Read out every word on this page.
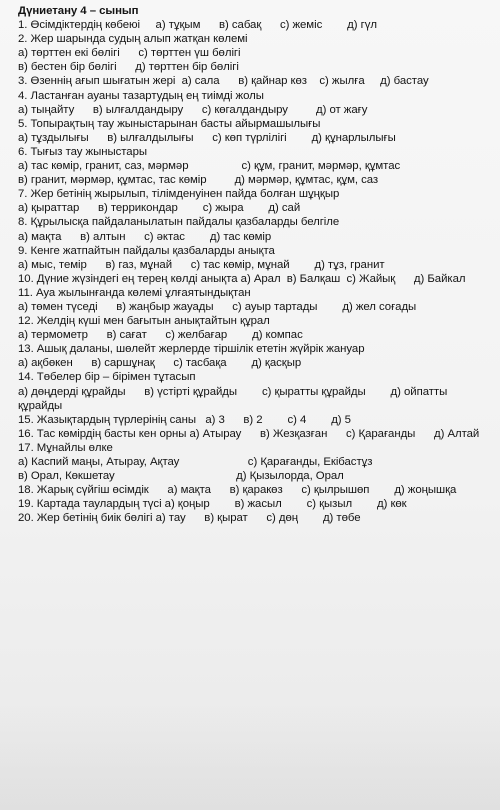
Дүниетану 4 – сынып
1. Өсімдіктердің көбеюі     а) тұқым      в) сабақ      с) жеміс        д) гүл
2. Жер шарында судың алып жатқан көлемі
а) төрттен екі бөлігі      с) төрттен үш бөлігі
в) бестен бір бөлігі      д) төрттен бір бөлігі
3. Өзеннің ағып шығатын жері  а) сала      в) қайнар көз    с) жылға     д) бастау
4. Ластанған ауаны тазартудың ең тиімді жолы
а) тыңайту      в) ылғалдандыру      с) көгалдандыру         д) от жағу
5. Топырақтың тау жыныстарынан басты айырмашылығы
а) тұздылығы      в) ылғалдылығы      с) көп түрлілігі        д) құнарлылығы
6. Тығыз тау жыныстары
а) тас көмір, гранит, саз, мәрмәр                 с) құм, гранит, мәрмәр, құмтас
в) гранит, мәрмәр, құмтас, тас көмір         д) мәрмәр, құмтас, құм, саз
7. Жер бетінің жырылып, тілімденуінен пайда болған шұңқыр
а) қыраттар      в) террикондар        с) жыра        д) сай
8. Құрылысқа пайдаланылатын пайдалы қазбаларды белгіле
а) мақта      в) алтын      с) әктас        д) тас көмір
9. Кенге жатпайтын пайдалы қазбаларды анықта
а) мыс, темір      в) газ, мұнай      с) тас көмір, мұнай        д) тұз, гранит
10. Дүние жүзіндегі ең терең көлді анықта а) Арал  в) Балқаш  с) Жайық      д) Байкал
11. Ауа жылынғанда көлемі ұлғаятындықтан
а) төмен түседі      в) жаңбыр жауады      с) ауыр тартады        д) жел соғады
12. Желдің күші мен бағытын анықтайтын құрал
а) термометр      в) сағат      с) желбағар        д) компас
13. Ашық даланы, шөлейт жерлерде тіршілік ететін жүйрік жануар
а) ақбөкен      в) саршұнақ      с) тасбақа        д) қасқыр
14. Төбелер бір – бірімен тұтасып
а) дөңдерді құрайды      в) үстірті құрайды        с) қыратты құрайды        д) ойпатты құрайды
15. Жазықтардың түрлерінің саны   а) 3      в) 2        с) 4        д) 5
16. Тас көмірдің басты кен орны а) Атырау      в) Жезқазған      с) Қарағанды      д) Алтай
17. Мұнайлы өлке
а) Каспий маңы, Атырау, Ақтау                      с) Қарағанды, Екібастұз
в) Орал, Көкшетау                                       д) Қызылорда, Орал
18. Жарық сүйгіш өсімдік      а) мақта      в) қаракөз      с) қылрышөп        д) жоңышқа
19. Картада таулардың түсі а) қоңыр        в) жасыл        с) қызыл        д) көк
20. Жер бетінің биік бөлігі а) тау      в) қырат      с) дөң        д) төбе
